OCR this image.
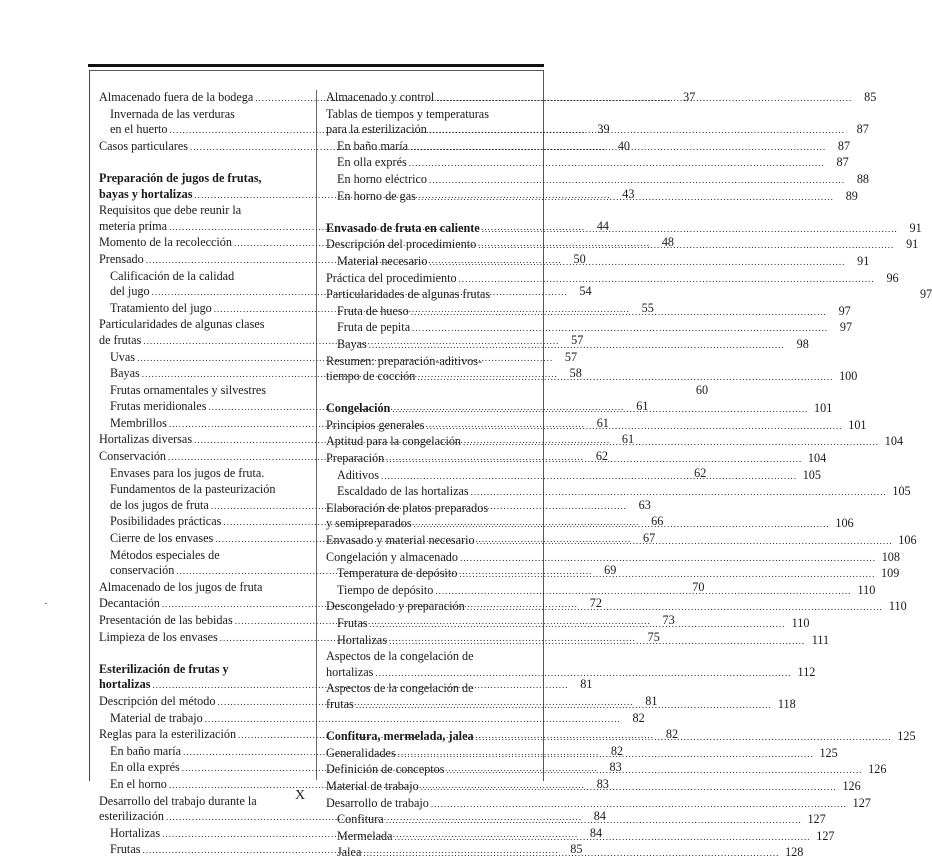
Almacenado fuera de la bodega .....	37
Invernada de las verduras
en el huerto .....	39
Casos particulares .....	40
Preparación de jugos de frutas,
bayas y hortalizas .....	43
Requisitos que debe reunir la
meteria prima .....	44
Momento de la recolección .....	48
Prensado .....	50
Calificación de la calidad
del jugo .....	54
Tratamiento del jugo .....	55
Particularidades de algunas clases
de frutas .....	57
Uvas .....	57
Bayas .....	58
Frutas ornamentales y silvestres	60
Frutas meridionales .....	61
Membrillos .....	61
Hortalizas diversas .....	61
Conservación .....	62
Envases para los jugos de fruta.	62
Fundamentos de la pasteurización
de los jugos de fruta .....	63
Posibilidades prácticas .....	66
Cierre de los envases .....	67
Métodos especiales de
conservación .....	69
Almacenado de los jugos de fruta	70
Decantación .....	72
Presentación de las bebidas .....	73
Limpieza de los envases .....	75
Esterilización de frutas y
hortalizas .....	81
Descripción del método .....	81
Material de trabajo .....	82
Reglas para la esterilización .....	82
En baño maría .....	82
En olla exprés .....	83
En el horno .....	83
Desarrollo del trabajo durante la
esterilización .....	84
Hortalizas .....	84
Frutas .....	85
Almacenado y control .....	85
Tablas de tiempos y temperaturas
para la esterilización .....	87
En baño maría .....	87
En olla exprés .....	87
En horno eléctrico .....	88
En horno de gas .....	89
Envasado de fruta en caliente .....	91
Descripción del procedimiento .....	91
Material necesario .....	91
Práctica del procedimiento .....	96
Particularidades de algunas frutas	97
Fruta de hueso .....	97
Fruta de pepita .....	97
Bayas .....	98
Resumen: preparación-aditivos-
tiempo de cocción .....	100
Congelación .....	101
Principios generales .....	101
Aptitud para la congelación .....	104
Preparación .....	104
Aditivos .....	105
Escaldado de las hortalizas .....	105
Elaboración de platos preparados
y semipreparados .....	106
Envasado y material necesario .....	106
Congelación y almacenado .....	108
Temperatura de depósito .....	109
Tiempo de depósito .....	110
Descongelado y preparación .....	110
Frutas .....	110
Hortalizas .....	111
Aspectos de la congelación de
hortalizas .....	112
Aspectos de la congelación de
frutas .....	118
Confitura, mermelada, jalea .....	125
Generalidades .....	125
Definición de conceptos .....	126
Material de trabajo .....	126
Desarrollo de trabajo .....	127
Confitura .....	127
Mermelada .....	127
Jalea .....	128
X
